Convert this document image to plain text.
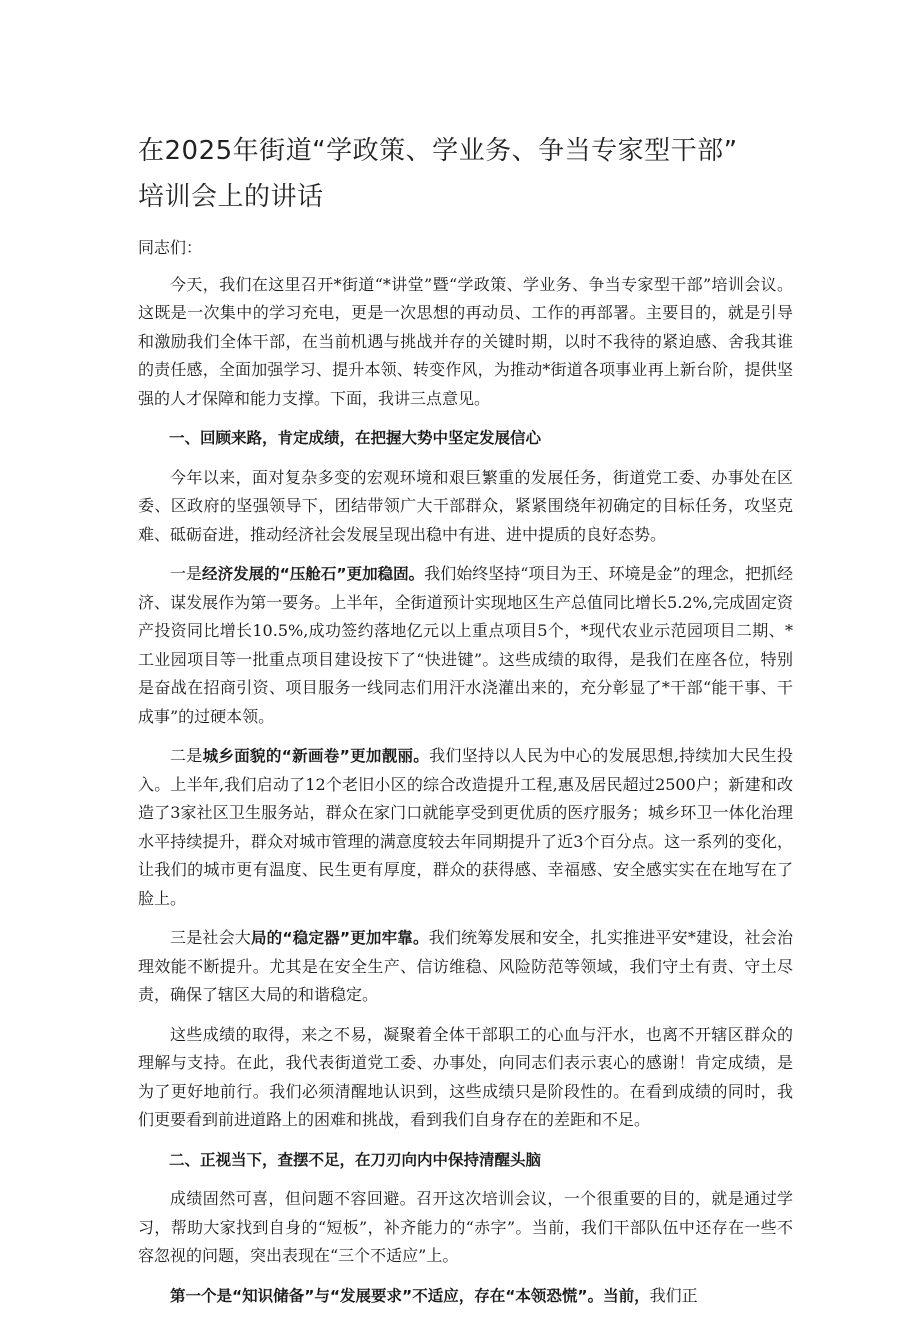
在2025年街道“学政策、学业务、争当专家型干部”
培训会上的讲话

同志们：

今天，我们在这里召开*街道“*讲堂”暨“学政策、学业务、争当专家型干部”培训会议。这既是一次集中的学习充电，更是一次思想的再动员、工作的再部署。主要目的，就是引导和激励我们全体干部，在当前机遇与挑战并存的关键时期，以时不我待的紧迫感、舍我其谁的责任感，全面加强学习、提升本领、转变作风，为推动*街道各项事业再上新台阶，提供坚强的人才保障和能力支撑。下面，我讲三点意见。

一、回顾来路，肯定成绩，在把握大势中坚定发展信心

今年以来，面对复杂多变的宏观环境和艰巨繁重的发展任务，街道党工委、办事处在区委、区政府的坚强领导下，团结带领广大干部群众，紧紧围绕年初确定的目标任务，攻坚克难、砥砺奋进，推动经济社会发展呈现出稳中有进、进中提质的良好态势。

一是经济发展的“压舱石”更加稳固。我们始终坚持“项目为王、环境是金”的理念，把抓经济、谋发展作为第一要务。上半年，全街道预计实现地区生产总值同比增长5.2%,完成固定资产投资同比增长10.5%,成功签约落地亿元以上重点项目5个，*现代农业示范园项目二期、*工业园项目等一批重点项目建设按下了“快进键”。这些成绩的取得，是我们在座各位，特别是奋战在招商引资、项目服务一线同志们用汗水浇灌出来的，充分彰显了*干部“能干事、干成事”的过硬本领。

二是城乡面貌的“新画卷”更加靓丽。我们坚持以人民为中心的发展思想,持续加大民生投入。上半年,我们启动了12个老旧小区的综合改造提升工程,惠及居民超过2500户；新建和改造了3家社区卫生服务站，群众在家门口就能享受到更优质的医疗服务；城乡环卫一体化治理水平持续提升，群众对城市管理的满意度较去年同期提升了近3个百分点。这一系列的变化，让我们的城市更有温度、民生更有厚度，群众的获得感、幸福感、安全感实实在在地写在了脸上。

三是社会大局的“稳定器”更加牢靠。我们统筹发展和安全，扎实推进平安*建设，社会治理效能不断提升。尤其是在安全生产、信访维稳、风险防范等领域，我们守土有责、守土尽责，确保了辖区大局的和谐稳定。

这些成绩的取得，来之不易，凝聚着全体干部职工的心血与汗水，也离不开辖区群众的理解与支持。在此，我代表街道党工委、办事处，向同志们表示衷心的感谢！肯定成绩，是为了更好地前行。我们必须清醒地认识到，这些成绩只是阶段性的。在看到成绩的同时，我们更要看到前进道路上的困难和挑战，看到我们自身存在的差距和不足。

二、正视当下，查摆不足，在刀刃向内中保持清醒头脑

成绩固然可喜，但问题不容回避。召开这次培训会议，一个很重要的目的，就是通过学习，帮助大家找到自身的“短板”，补齐能力的“赤字”。当前，我们干部队伍中还存在一些不容忽视的问题，突出表现在“三个不适应”上。

第一个是“知识储备”与“发展要求”不适应，存在“本领恐慌”。当前，我们正
